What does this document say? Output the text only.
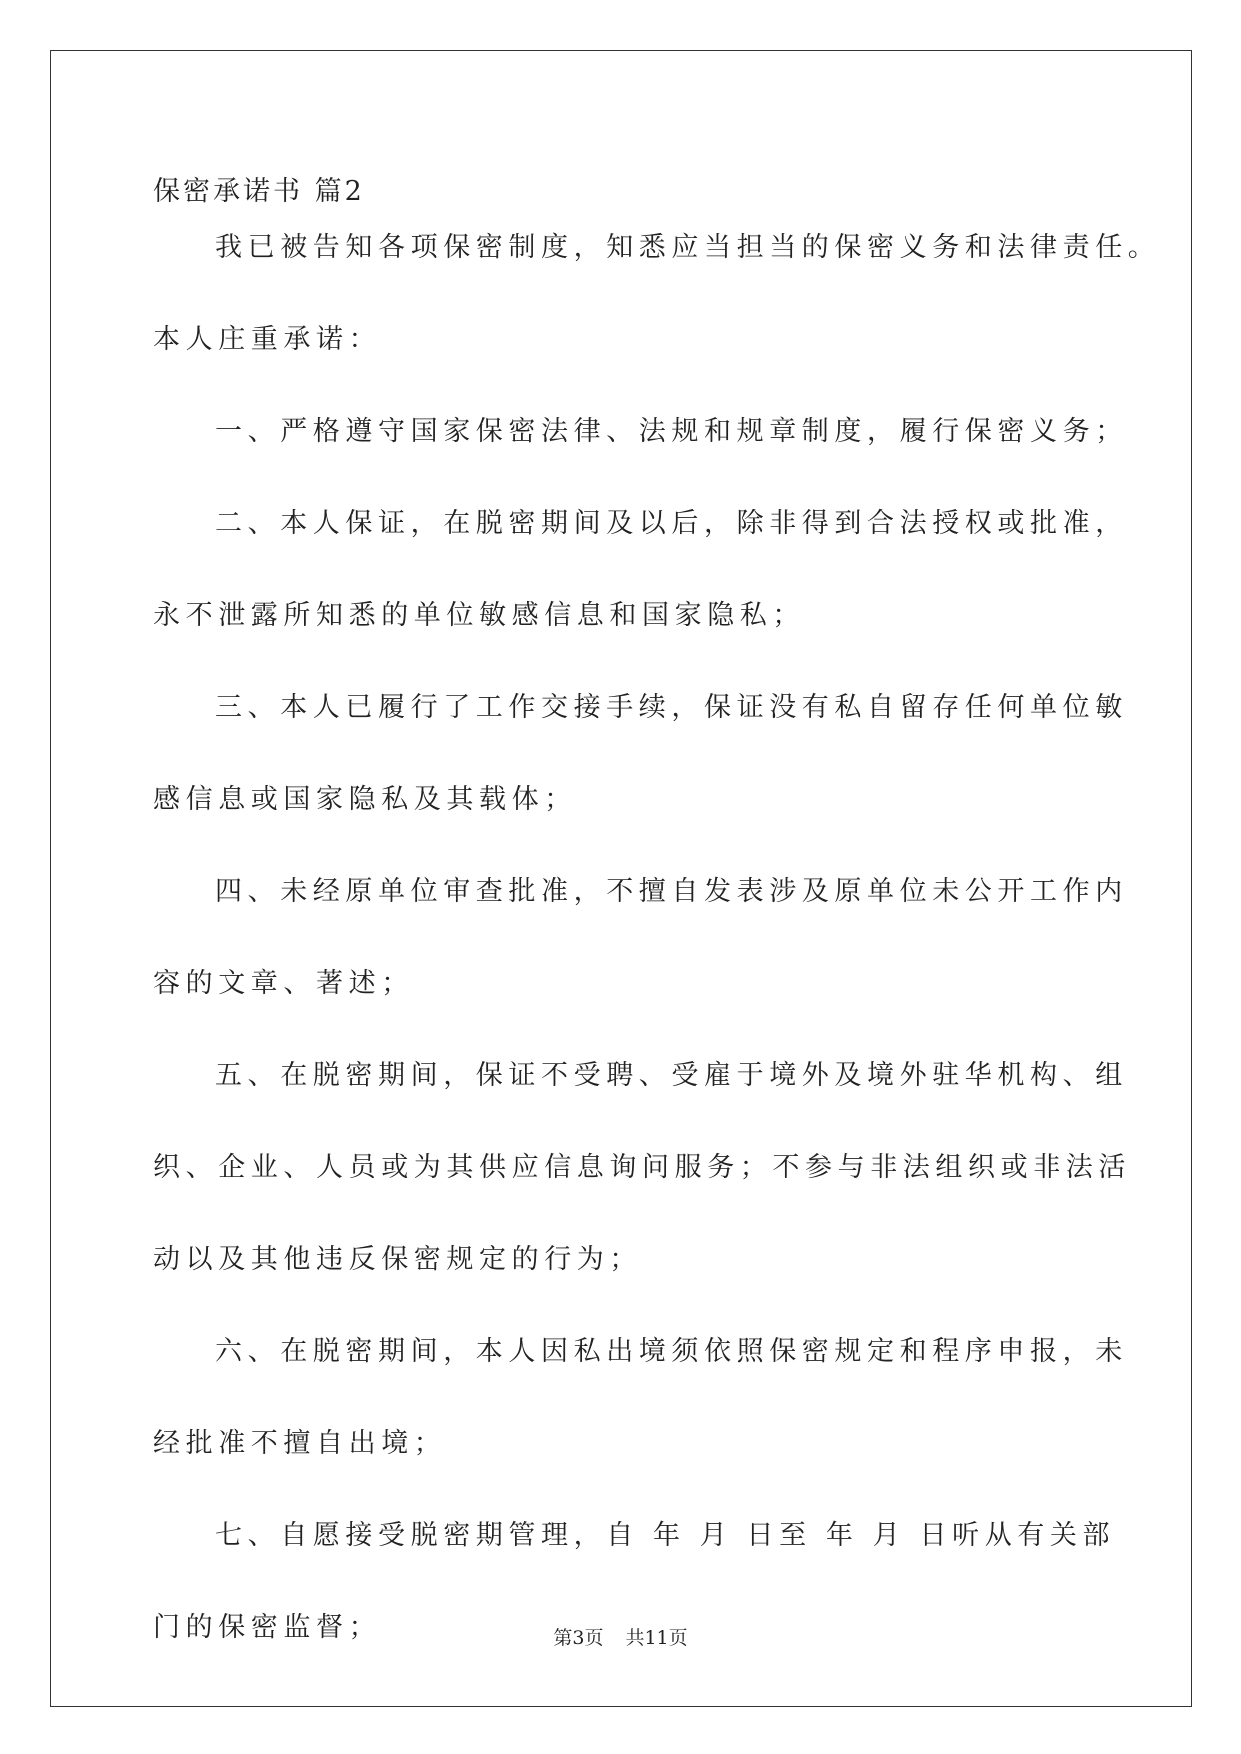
保密承诺书 篇2

我已被告知各项保密制度，知悉应当担当的保密义务和法律责任。
本人庄重承诺：

一、严格遵守国家保密法律、法规和规章制度，履行保密义务；

二、本人保证，在脱密期间及以后，除非得到合法授权或批准，
永不泄露所知悉的单位敏感信息和国家隐私；

三、本人已履行了工作交接手续，保证没有私自留存任何单位敏
感信息或国家隐私及其载体；

四、未经原单位审查批准，不擅自发表涉及原单位未公开工作内
容的文章、著述；

五、在脱密期间，保证不受聘、受雇于境外及境外驻华机构、组
织、企业、人员或为其供应信息询问服务；不参与非法组织或非法活
动以及其他违反保密规定的行为；

六、在脱密期间，本人因私出境须依照保密规定和程序申报，未
经批准不擅自出境；

七、自愿接受脱密期管理，自 年 月 日至 年 月 日听从有关部
门的保密监督；	第3页 共11页
